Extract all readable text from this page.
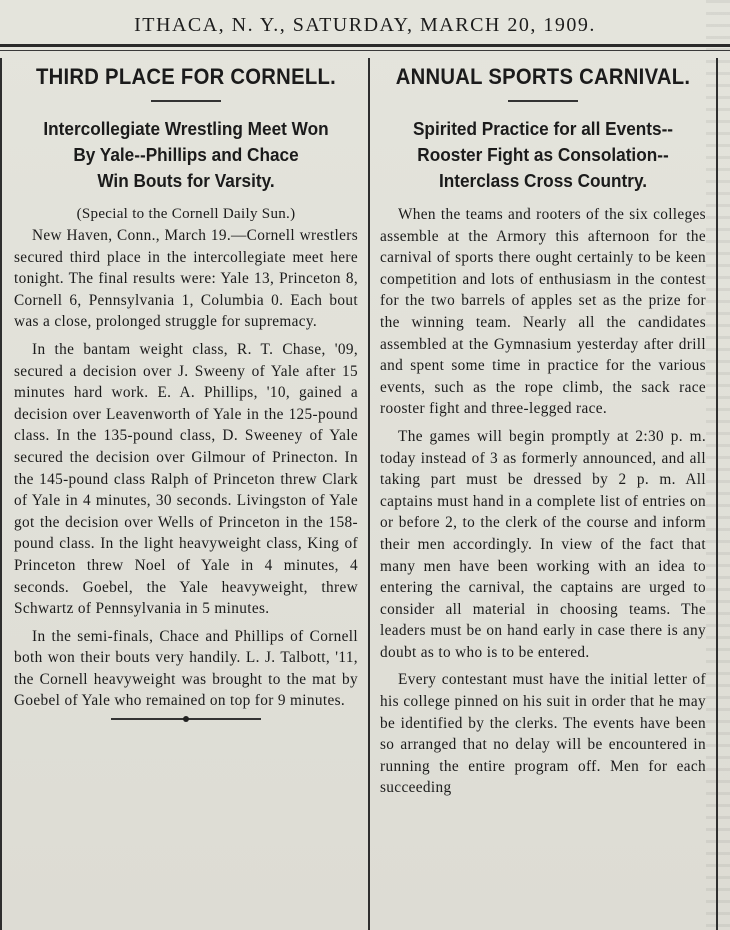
ITHACA, N. Y., SATURDAY, MARCH 20, 1909.
THIRD PLACE FOR CORNELL.
Intercollegiate Wrestling Meet Won
By Yale--Phillips and Chace
Win Bouts for Varsity.
(Special to the Cornell Daily Sun.)

New Haven, Conn., March 19.—Cornell wrestlers secured third place in the intercollegiate meet here tonight. The final results were: Yale 13, Princeton 8, Cornell 6, Pennsylvania 1, Columbia 0. Each bout was a close, prolonged struggle for supremacy.

In the bantam weight class, R. T. Chase, '09, secured a decision over J. Sweeny of Yale after 15 minutes hard work. E. A. Phillips, '10, gained a decision over Leavenworth of Yale in the 125-pound class. In the 135-pound class, D. Sweeney of Yale secured the decision over Gilmour of Prinecton. In the 145-pound class Ralph of Princeton threw Clark of Yale in 4 minutes, 30 seconds. Livingston of Yale got the decision over Wells of Princeton in the 158-pound class. In the light heavyweight class, King of Princeton threw Noel of Yale in 4 minutes, 4 seconds. Goebel, the Yale heavyweight, threw Schwartz of Pennsylvania in 5 minutes.

In the semi-finals, Chace and Phillips of Cornell both won their bouts very handily. L. J. Talbott, '11, the Cornell heavyweight was brought to the mat by Goebel of Yale who remained on top for 9 minutes.

ANNUAL SPORTS CARNIVAL.
Spirited Practice for all Events--
Rooster Fight as Consolation--
Interclass Cross Country.

When the teams and rooters of the six colleges assemble at the Armory this afternoon for the carnival of sports there ought certainly to be keen competition and lots of enthusiasm in the contest for the two barrels of apples set as the prize for the winning team. Nearly all the candidates assembled at the Gymnasium yesterday after drill and spent some time in practice for the various events, such as the rope climb, the sack race rooster fight and three-legged race.

The games will begin promptly at 2:30 p. m. today instead of 3 as formerly announced, and all taking part must be dressed by 2 p. m. All captains must hand in a complete list of entries on or before 2, to the clerk of the course and inform their men accordingly. In view of the fact that many men have been working with an idea to entering the carnival, the captains are urged to consider all material in choosing teams. The leaders must be on hand early in case there is any doubt as to who is to be entered.

Every contestant must have the initial letter of his college pinned on his suit in order that he may be identified by the clerks. The events have been so arranged that no delay will be encountered in running the entire program off. Men for each succeeding
